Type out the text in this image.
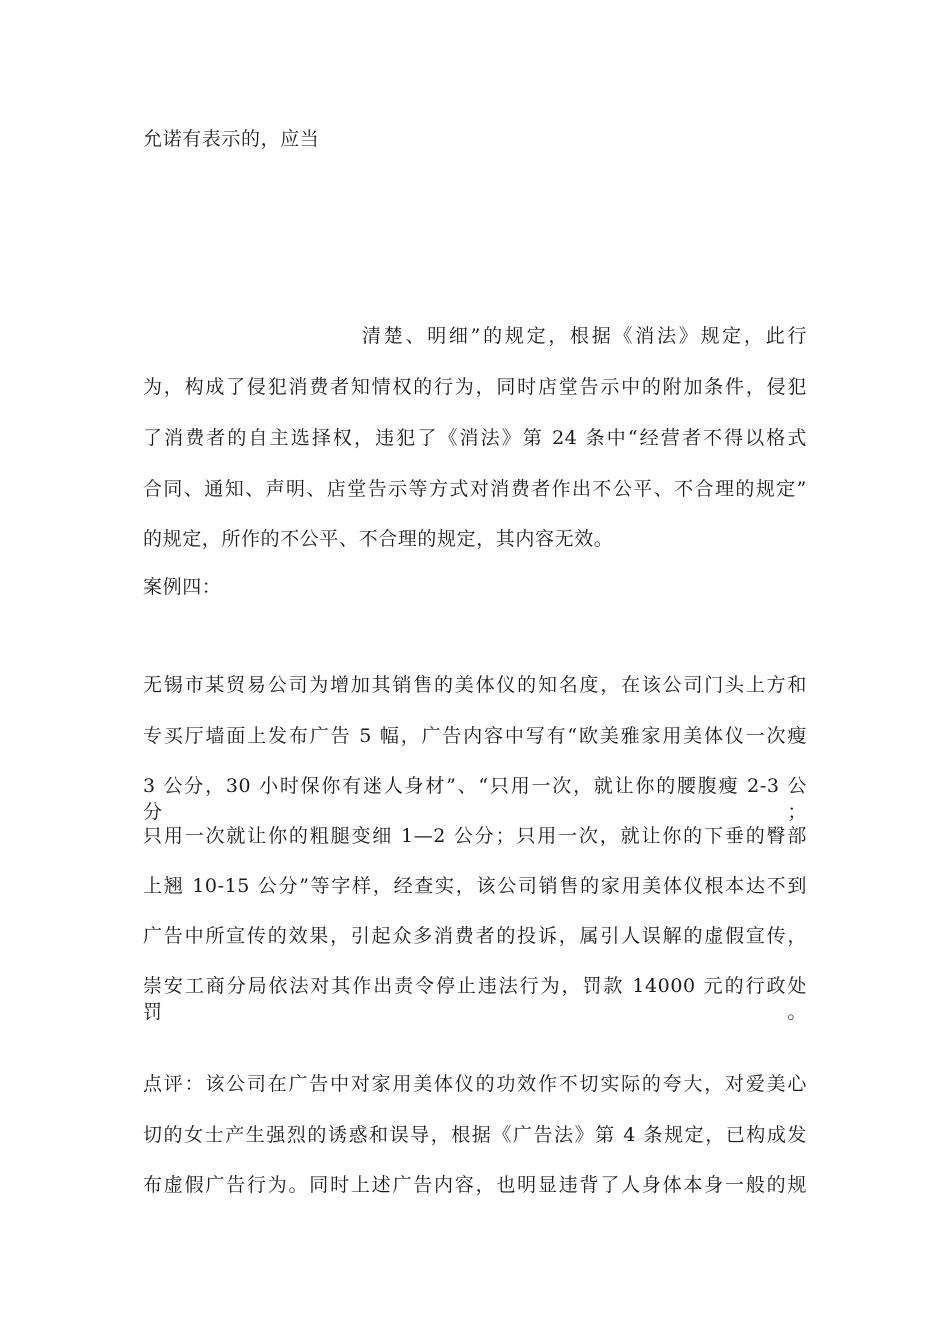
允诺有表示的，应当
清楚、明细”的规定，根据《消法》规定，此行
为，构成了侵犯消费者知情权的行为，同时店堂告示中的附加条件，侵犯
了消费者的自主选择权，违犯了《消法》第 24 条中“经营者不得以格式
合同、通知、声明、店堂告示等方式对消费者作出不公平、不合理的规定”
的规定，所作的不公平、不合理的规定，其内容无效。
案例四：
无锡市某贸易公司为增加其销售的美体仪的知名度，在该公司门头上方和
专买厅墙面上发布广告 5 幅，广告内容中写有“欧美雅家用美体仪一次瘦
3 公分，30 小时保你有迷人身材”、“只用一次，就让你的腰腹瘦 2-3 公分；
只用一次就让你的粗腿变细 1—2 公分；只用一次，就让你的下垂的臀部
上翘 10-15 公分”等字样，经查实，该公司销售的家用美体仪根本达不到
广告中所宣传的效果，引起众多消费者的投诉，属引人误解的虚假宣传，
崇安工商分局依法对其作出责令停止违法行为，罚款 14000 元的行政处罚。
点评：该公司在广告中对家用美体仪的功效作不切实际的夸大，对爱美心
切的女士产生强烈的诱惑和误导，根据《广告法》第 4 条规定，已构成发
布虚假广告行为。同时上述广告内容，也明显违背了人身体本身一般的规
